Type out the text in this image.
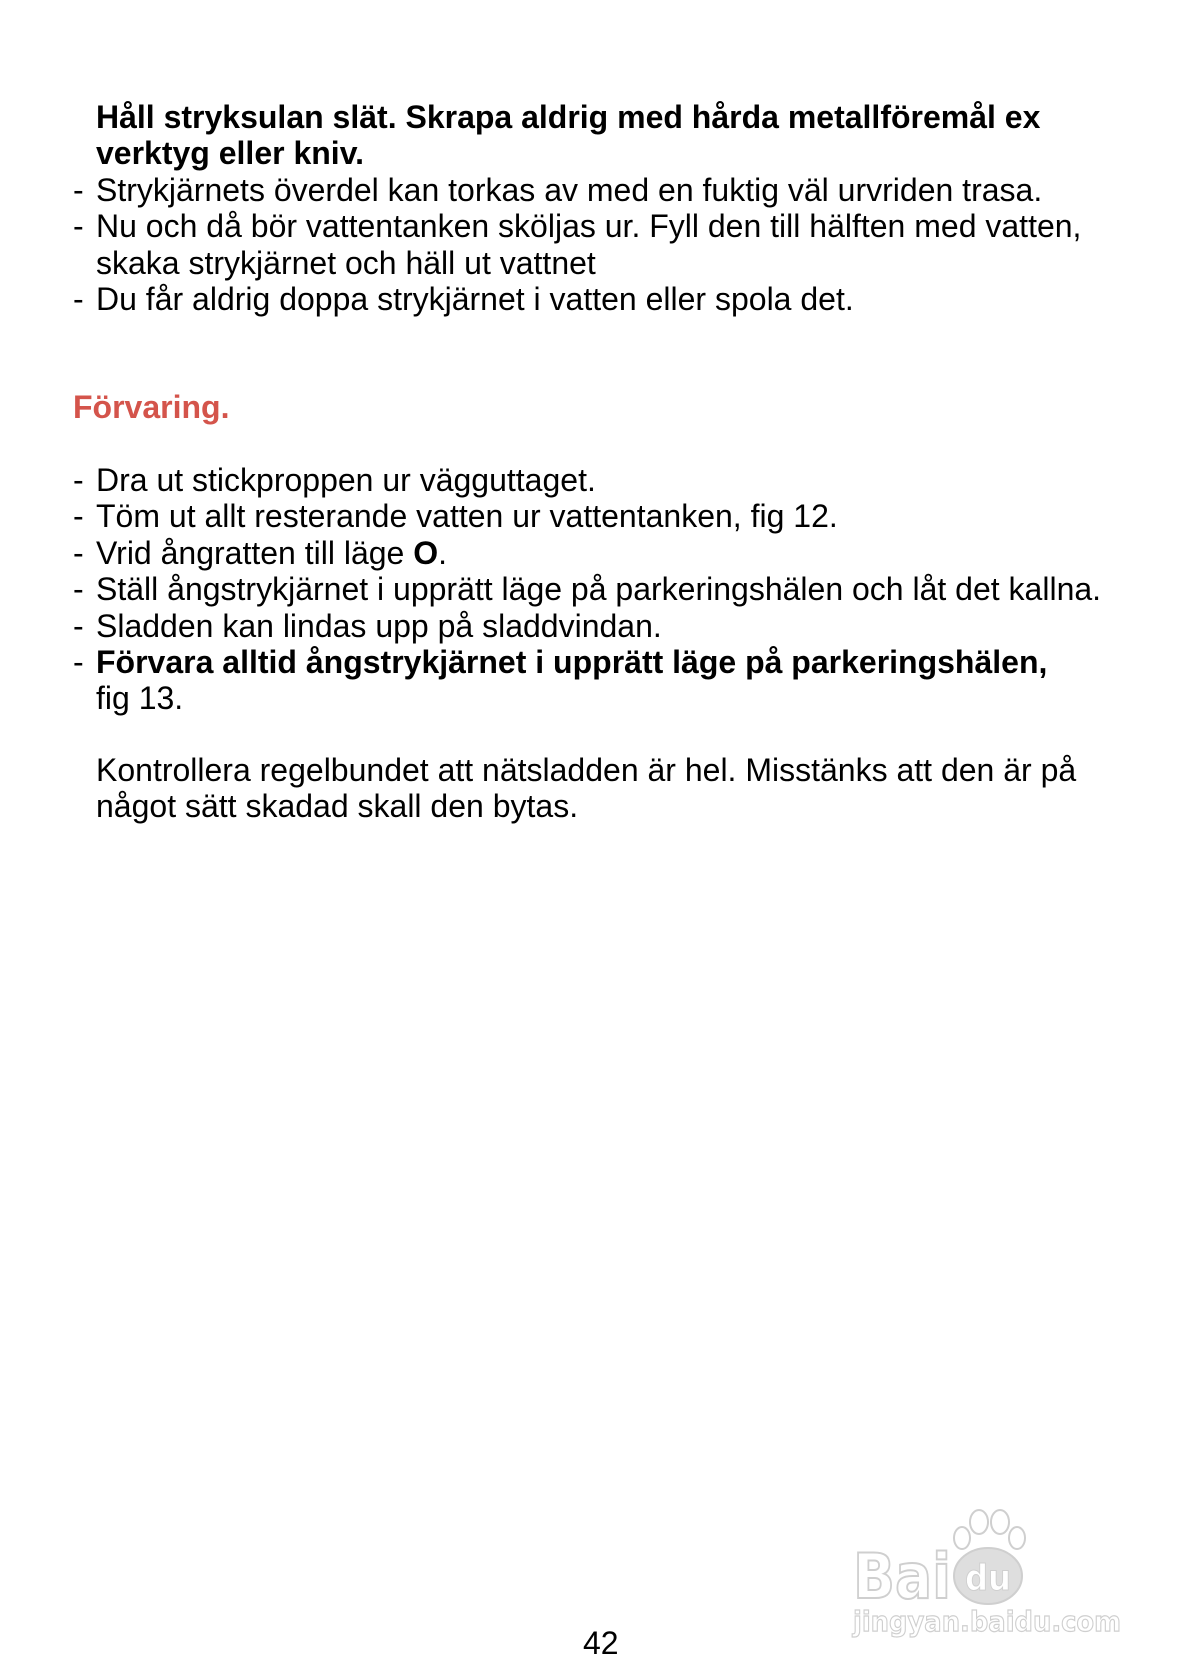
Håll stryksulan slät. Skrapa aldrig med hårda metallföremål ex
verktyg eller kniv.
- Strykjärnets överdel kan torkas av med en fuktig väl urvriden trasa.
- Nu och då bör vattentanken sköljas ur. Fyll den till hälften med vatten,
skaka strykjärnet och häll ut vattnet
- Du får aldrig doppa strykjärnet i vatten eller spola det.
Förvaring.
- Dra ut stickproppen ur vägguttaget.
- Töm ut allt resterande vatten ur vattentanken, fig 12.
- Vrid ångratten till läge O.
- Ställ ångstrykjärnet i upprätt läge på parkeringshälen och låt det kallna.
- Sladden kan lindas upp på sladdvindan.
- Förvara alltid ångstrykjärnet i upprätt läge på parkeringshälen,
fig 13.
Kontrollera regelbundet att nätsladden är hel. Misstänks att den är på
något sätt skadad skall den bytas.
42
Bai du
jingyan.baidu.com
